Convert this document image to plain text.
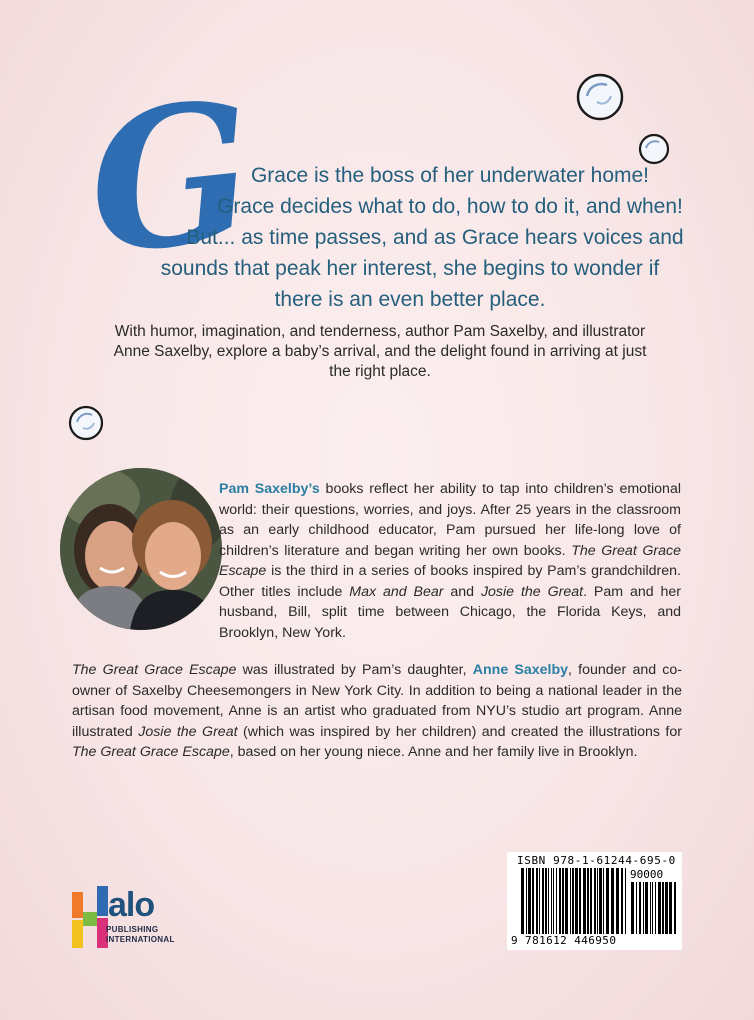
G
Grace is the boss of her underwater home!
Grace decides what to do, how to do it, and when!
But... as time passes, and as Grace hears voices and
sounds that peak her interest, she begins to wonder if
there is an even better place.
With humor, imagination, and tenderness, author Pam Saxelby, and illustrator Anne Saxelby, explore a baby’s arrival, and the delight found in arriving at just the right place.
Pam Saxelby’s books reflect her ability to tap into children’s emotional world: their questions, worries, and joys. After 25 years in the classroom as an early childhood educator, Pam pursued her life-long love of children’s literature and began writing her own books. The Great Grace Escape is the third in a series of books inspired by Pam’s grandchildren. Other titles include Max and Bear and Josie the Great. Pam and her husband, Bill, split time between Chicago, the Florida Keys, and Brooklyn, New York.
The Great Grace Escape was illustrated by Pam’s daughter, Anne Saxelby, founder and co-owner of Saxelby Cheesemongers in New York City. In addition to being a national leader in the artisan food movement, Anne is an artist who graduated from NYU’s studio art program. Anne illustrated Josie the Great (which was inspired by her children) and created the illustrations for The Great Grace Escape, based on her young niece. Anne and her family live in Brooklyn.
ISBN 978-1-61244-695-0
90000
9 781612 446950
alo
PUBLISHING
INTERNATIONAL
